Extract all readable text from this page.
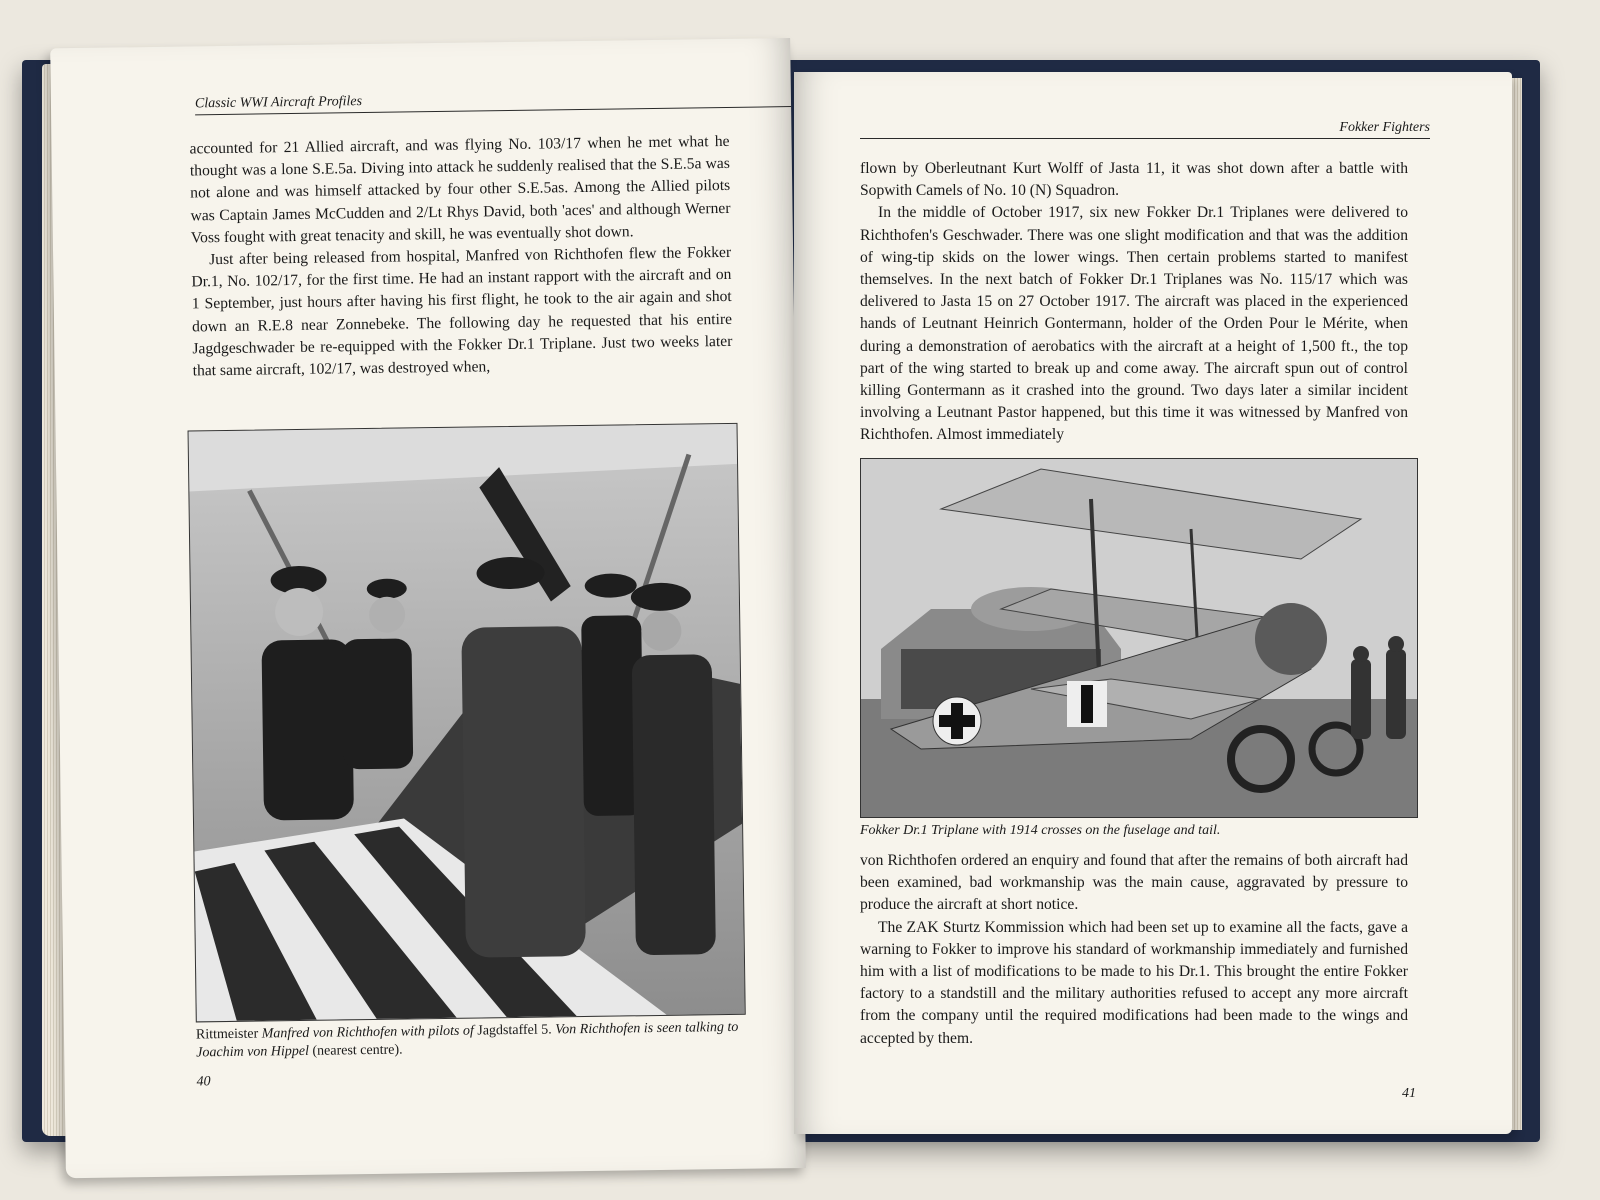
Classic WWI Aircraft Profiles

accounted for 21 Allied aircraft, and was flying No. 103/17 when he met what he thought was a lone S.E.5a. Diving into attack he suddenly realised that the S.E.5a was not alone and was himself attacked by four other S.E.5as. Among the Allied pilots was Captain James McCudden and 2/Lt Rhys David, both 'aces' and although Werner Voss fought with great tenacity and skill, he was eventually shot down.

Just after being released from hospital, Manfred von Richthofen flew the Fokker Dr.1, No. 102/17, for the first time. He had an instant rapport with the aircraft and on 1 September, just hours after having his first flight, he took to the air again and shot down an R.E.8 near Zonnebeke. The following day he requested that his entire Jagdgeschwader be re-equipped with the Fokker Dr.1 Triplane. Just two weeks later that same aircraft, 102/17, was destroyed when,

Rittmeister Manfred von Richthofen with pilots of Jagdstaffel 5. Von Richthofen is seen talking to Joachim von Hippel (nearest centre).
40
Fokker Fighters

flown by Oberleutnant Kurt Wolff of Jasta 11, it was shot down after a battle with Sopwith Camels of No. 10 (N) Squadron.

In the middle of October 1917, six new Fokker Dr.1 Triplanes were delivered to Richthofen's Geschwader. There was one slight modification and that was the addition of wing-tip skids on the lower wings. Then certain problems started to manifest themselves. In the next batch of Fokker Dr.1 Triplanes was No. 115/17 which was delivered to Jasta 15 on 27 October 1917. The aircraft was placed in the experienced hands of Leutnant Heinrich Gontermann, holder of the Orden Pour le Mérite, when during a demonstration of aerobatics with the aircraft at a height of 1,500 ft., the top part of the wing started to break up and come away. The aircraft spun out of control killing Gontermann as it crashed into the ground. Two days later a similar incident involving a Leutnant Pastor happened, but this time it was witnessed by Manfred von Richthofen. Almost immediately

Fokker Dr.1 Triplane with 1914 crosses on the fuselage and tail.

von Richthofen ordered an enquiry and found that after the remains of both aircraft had been examined, bad workmanship was the main cause, aggravated by pressure to produce the aircraft at short notice.

The ZAK Sturtz Kommission which had been set up to examine all the facts, gave a warning to Fokker to improve his standard of workmanship immediately and furnished him with a list of modifications to be made to his Dr.1. This brought the entire Fokker factory to a standstill and the military authorities refused to accept any more aircraft from the company until the required modifications had been made to the wings and accepted by them.

41
